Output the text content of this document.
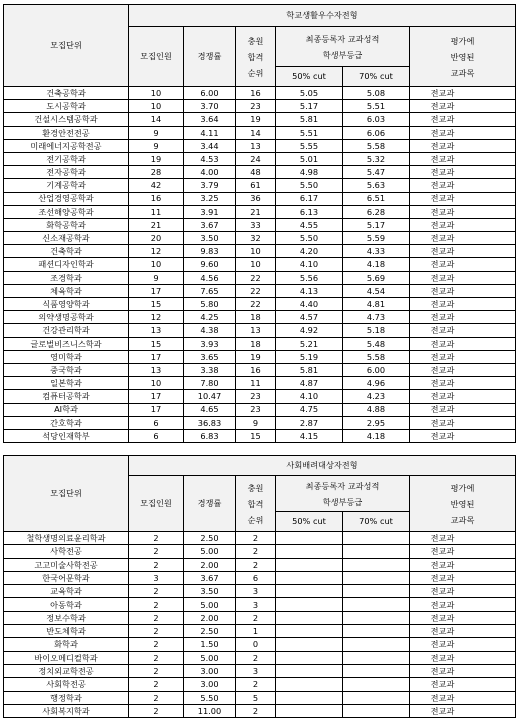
모집단위	학교생활우수자전형					
	모집인원	경쟁률	충원
합격
순위	최종등록자 교과성적
학생부등급		평가에
반영된
교과목

				50% cut	70% cut	
건축공학과	10	6.00	16	5.05	5.08	전교과
도시공학과	10	3.70	23	5.17	5.51	전교과
건설시스템공학과	14	3.64	19	5.81	6.03	전교과
환경안전전공	9	4.11	14	5.51	6.06	전교과
미래에너지공학전공	9	3.44	13	5.55	5.58	전교과
전기공학과	19	4.53	24	5.01	5.32	전교과
전자공학과	28	4.00	48	4.98	5.47	전교과
기계공학과	42	3.79	61	5.50	5.63	전교과
산업경영공학과	16	3.25	36	6.17	6.51	전교과
조선해양공학과	11	3.91	21	6.13	6.28	전교과
화학공학과	21	3.67	33	4.55	5.17	전교과
신소재공학과	20	3.50	32	5.50	5.59	전교과
건축학과	12	9.83	10	4.20	4.33	전교과
패션디자인학과	10	9.60	10	4.10	4.18	전교과
조경학과	9	4.56	22	5.56	5.69	전교과
체육학과	17	7.65	22	4.13	4.54	전교과
식품영양학과	15	5.80	22	4.40	4.81	전교과
의약생명공학과	12	4.25	18	4.57	4.73	전교과
건강관리학과	13	4.38	13	4.92	5.18	전교과
글로벌비즈니스학과	15	3.93	18	5.21	5.48	전교과
영미학과	17	3.65	19	5.19	5.58	전교과
중국학과	13	3.38	16	5.81	6.00	전교과
일본학과	10	7.80	11	4.87	4.96	전교과
컴퓨터공학과	17	10.47	23	4.10	4.23	전교과
AI학과	17	4.65	23	4.75	4.88	전교과
간호학과	6	36.83	9	2.87	2.95	전교과
석당인재학부	6	6.83	15	4.15	4.18	전교과
모집단위	사회배려대상자전형					
	모집인원	경쟁률	충원
합격
순위	최종등록자 교과성적
학생부등급		평가에
반영된
교과목

				50% cut	70% cut	
철학생명의료윤리학과	2	2.50	2			전교과
사학전공	2	5.00	2			전교과
고고미술사학전공	2	2.00	2			전교과
한국어문학과	3	3.67	6			전교과
교육학과	2	3.50	3			전교과
아동학과	2	5.00	3			전교과
정보수학과	2	2.00	2			전교과
반도체학과	2	2.50	1			전교과
화학과	2	1.50	0			전교과
바이오메디컬학과	2	5.00	2			전교과
정치외교학전공	2	3.00	3			전교과
사회학전공	2	3.00	2			전교과
행정학과	2	5.50	5			전교과
사회복지학과	2	11.00	2			전교과
